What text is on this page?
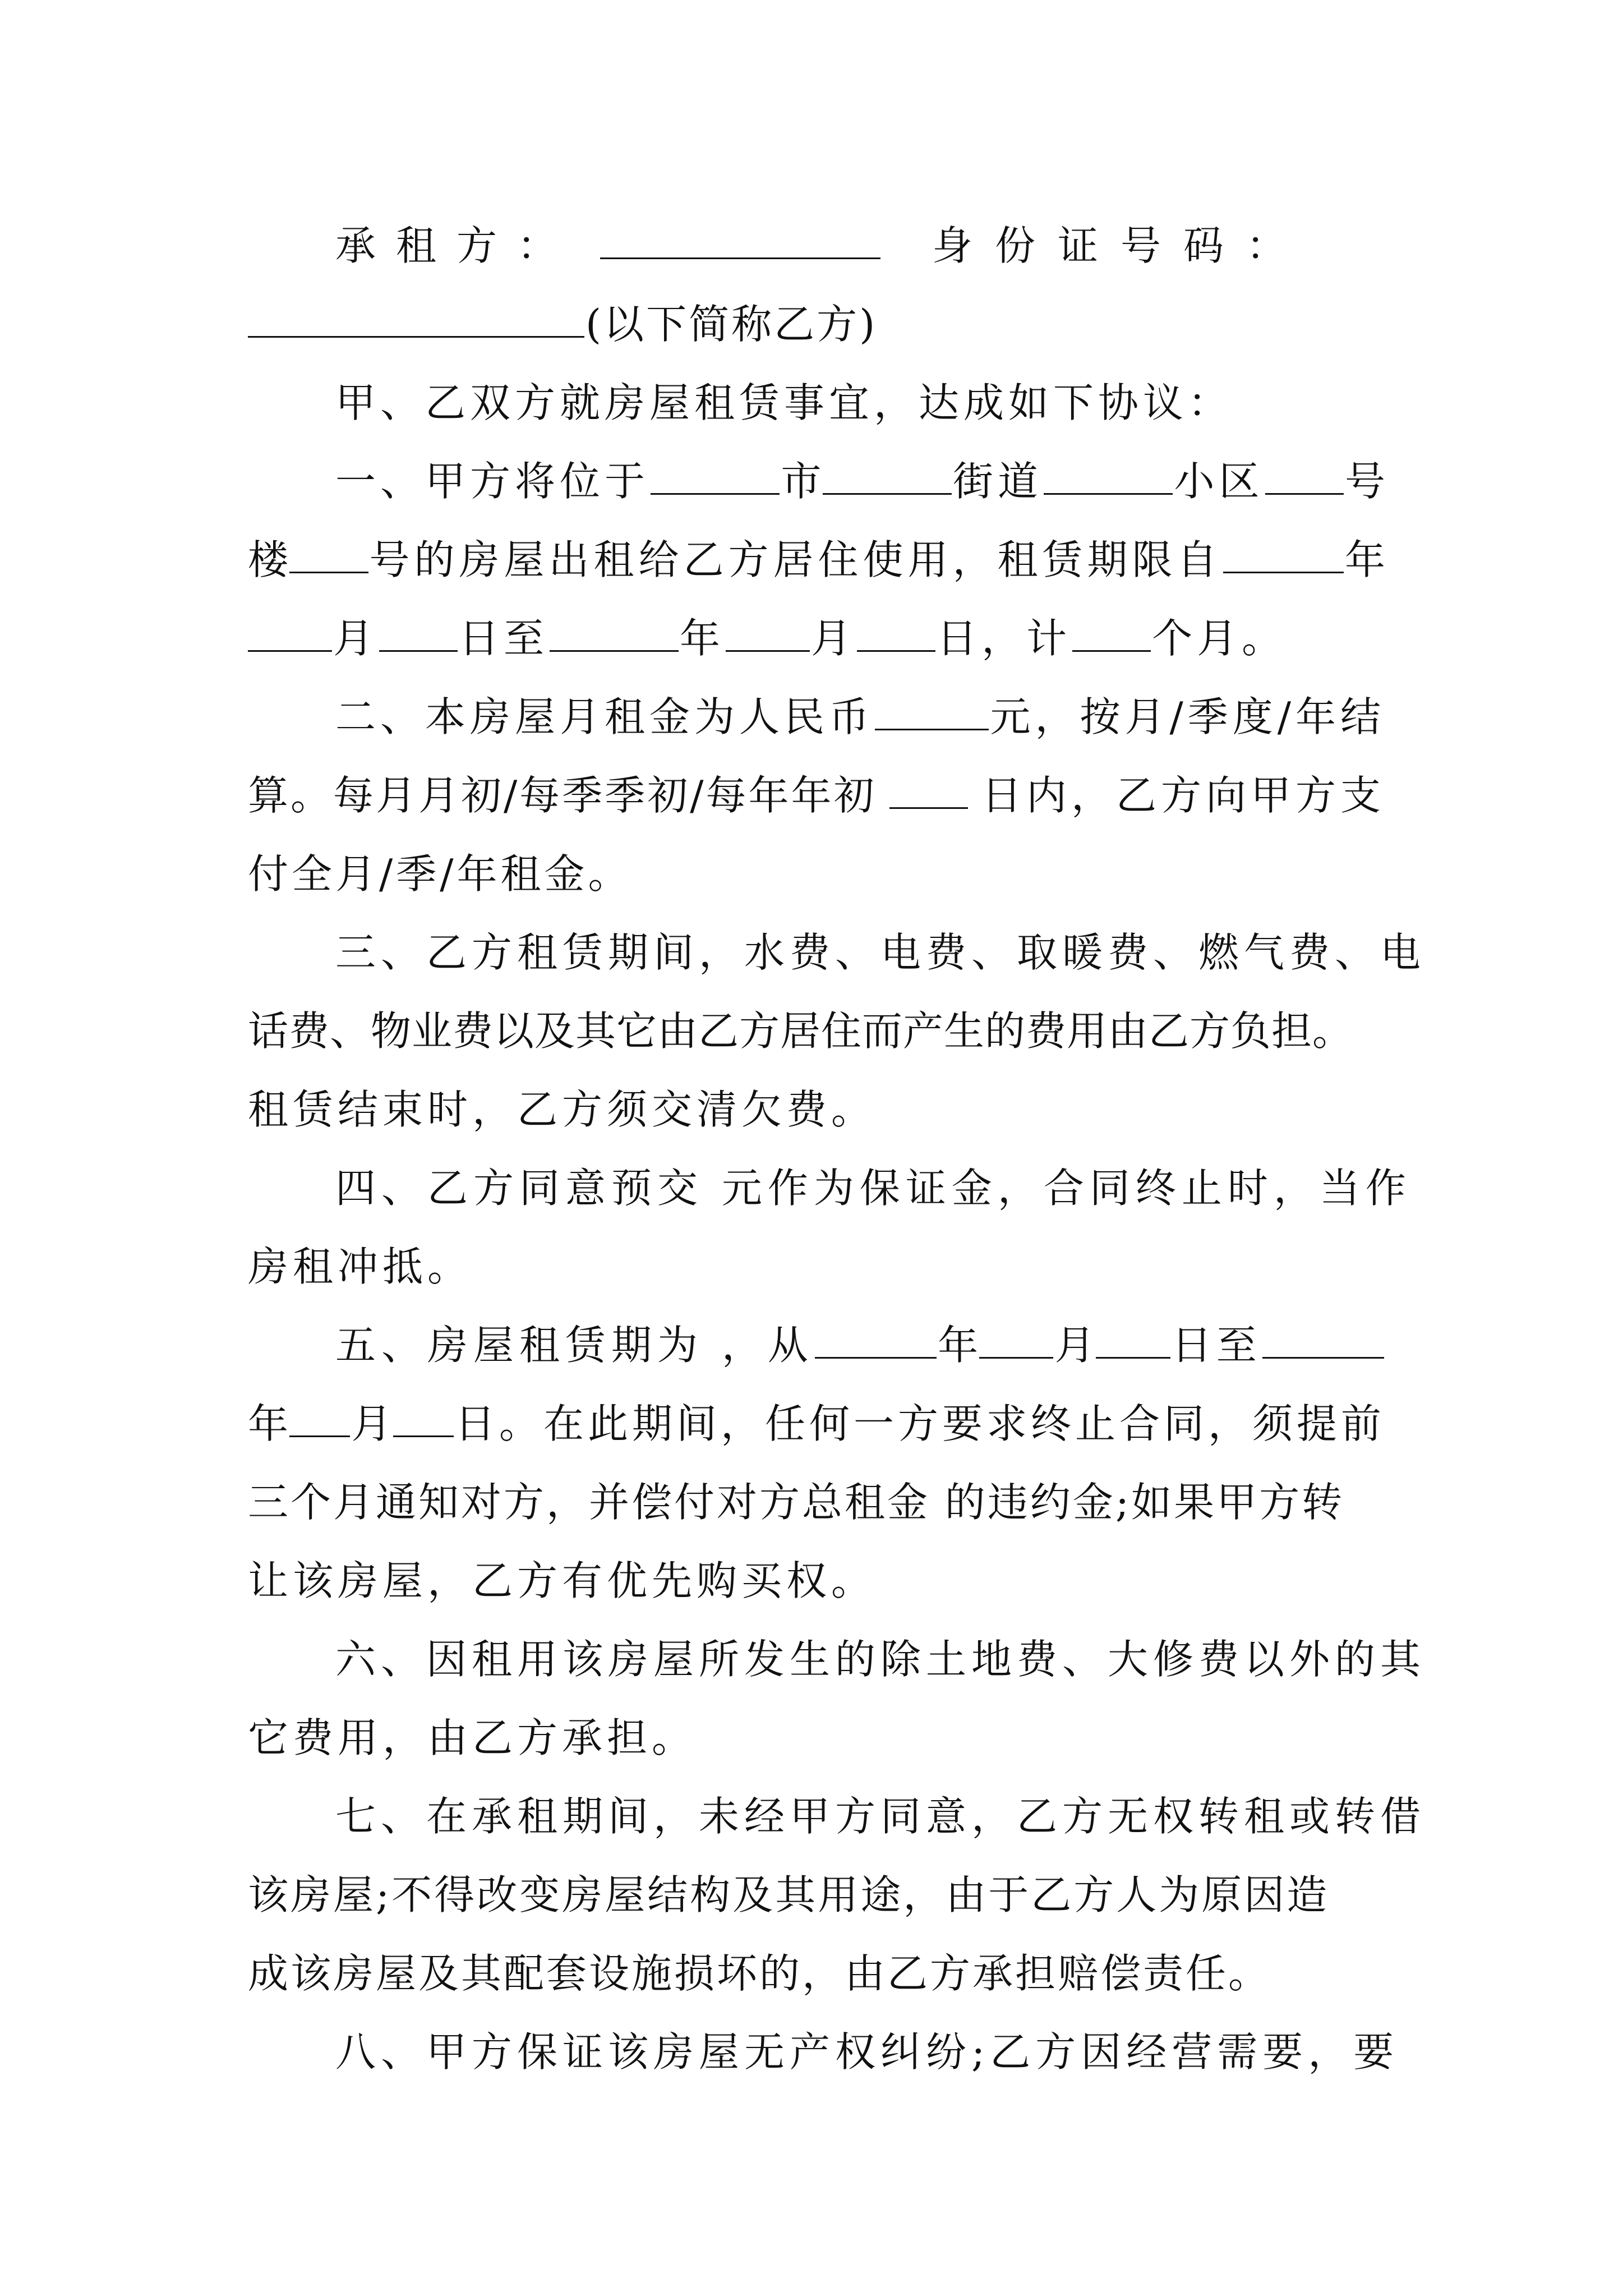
承租方：	身份证号码：
(以下简称乙方)
甲、乙双方就房屋租赁事宜，达成如下协议：
一、甲方将位于	市	街道	小区 号
楼 号的房屋出租给乙方居住使用，租赁期限自	年
月 日至	年 月 日，计 个月。
二、本房屋月租金为人民币	元，按月/季度/年结
算。每月月初/每季季初/每年年初	日内，乙方向甲方支
付全月/季/年租金。
三、乙方租赁期间，水费、电费、取暖费、燃气费、电
话费、物业费以及其它由乙方居住而产生的费用由乙方负担。
租赁结束时，乙方须交清欠费。
四、乙方同意预交 元作为保证金，合同终止时，当作
房租冲抵。
五、房屋租赁期为 ，从	年 月 日至
年 月 日。在此期间，任何一方要求终止合同，须提前
三个月通知对方，并偿付对方总租金 的违约金;如果甲方转
让该房屋，乙方有优先购买权。
六、因租用该房屋所发生的除土地费、大修费以外的其
它费用，由乙方承担。
七、在承租期间，未经甲方同意，乙方无权转租或转借
该房屋;不得改变房屋结构及其用途，由于乙方人为原因造
成该房屋及其配套设施损坏的，由乙方承担赔偿责任。
八、甲方保证该房屋无产权纠纷;乙方因经营需要，要
